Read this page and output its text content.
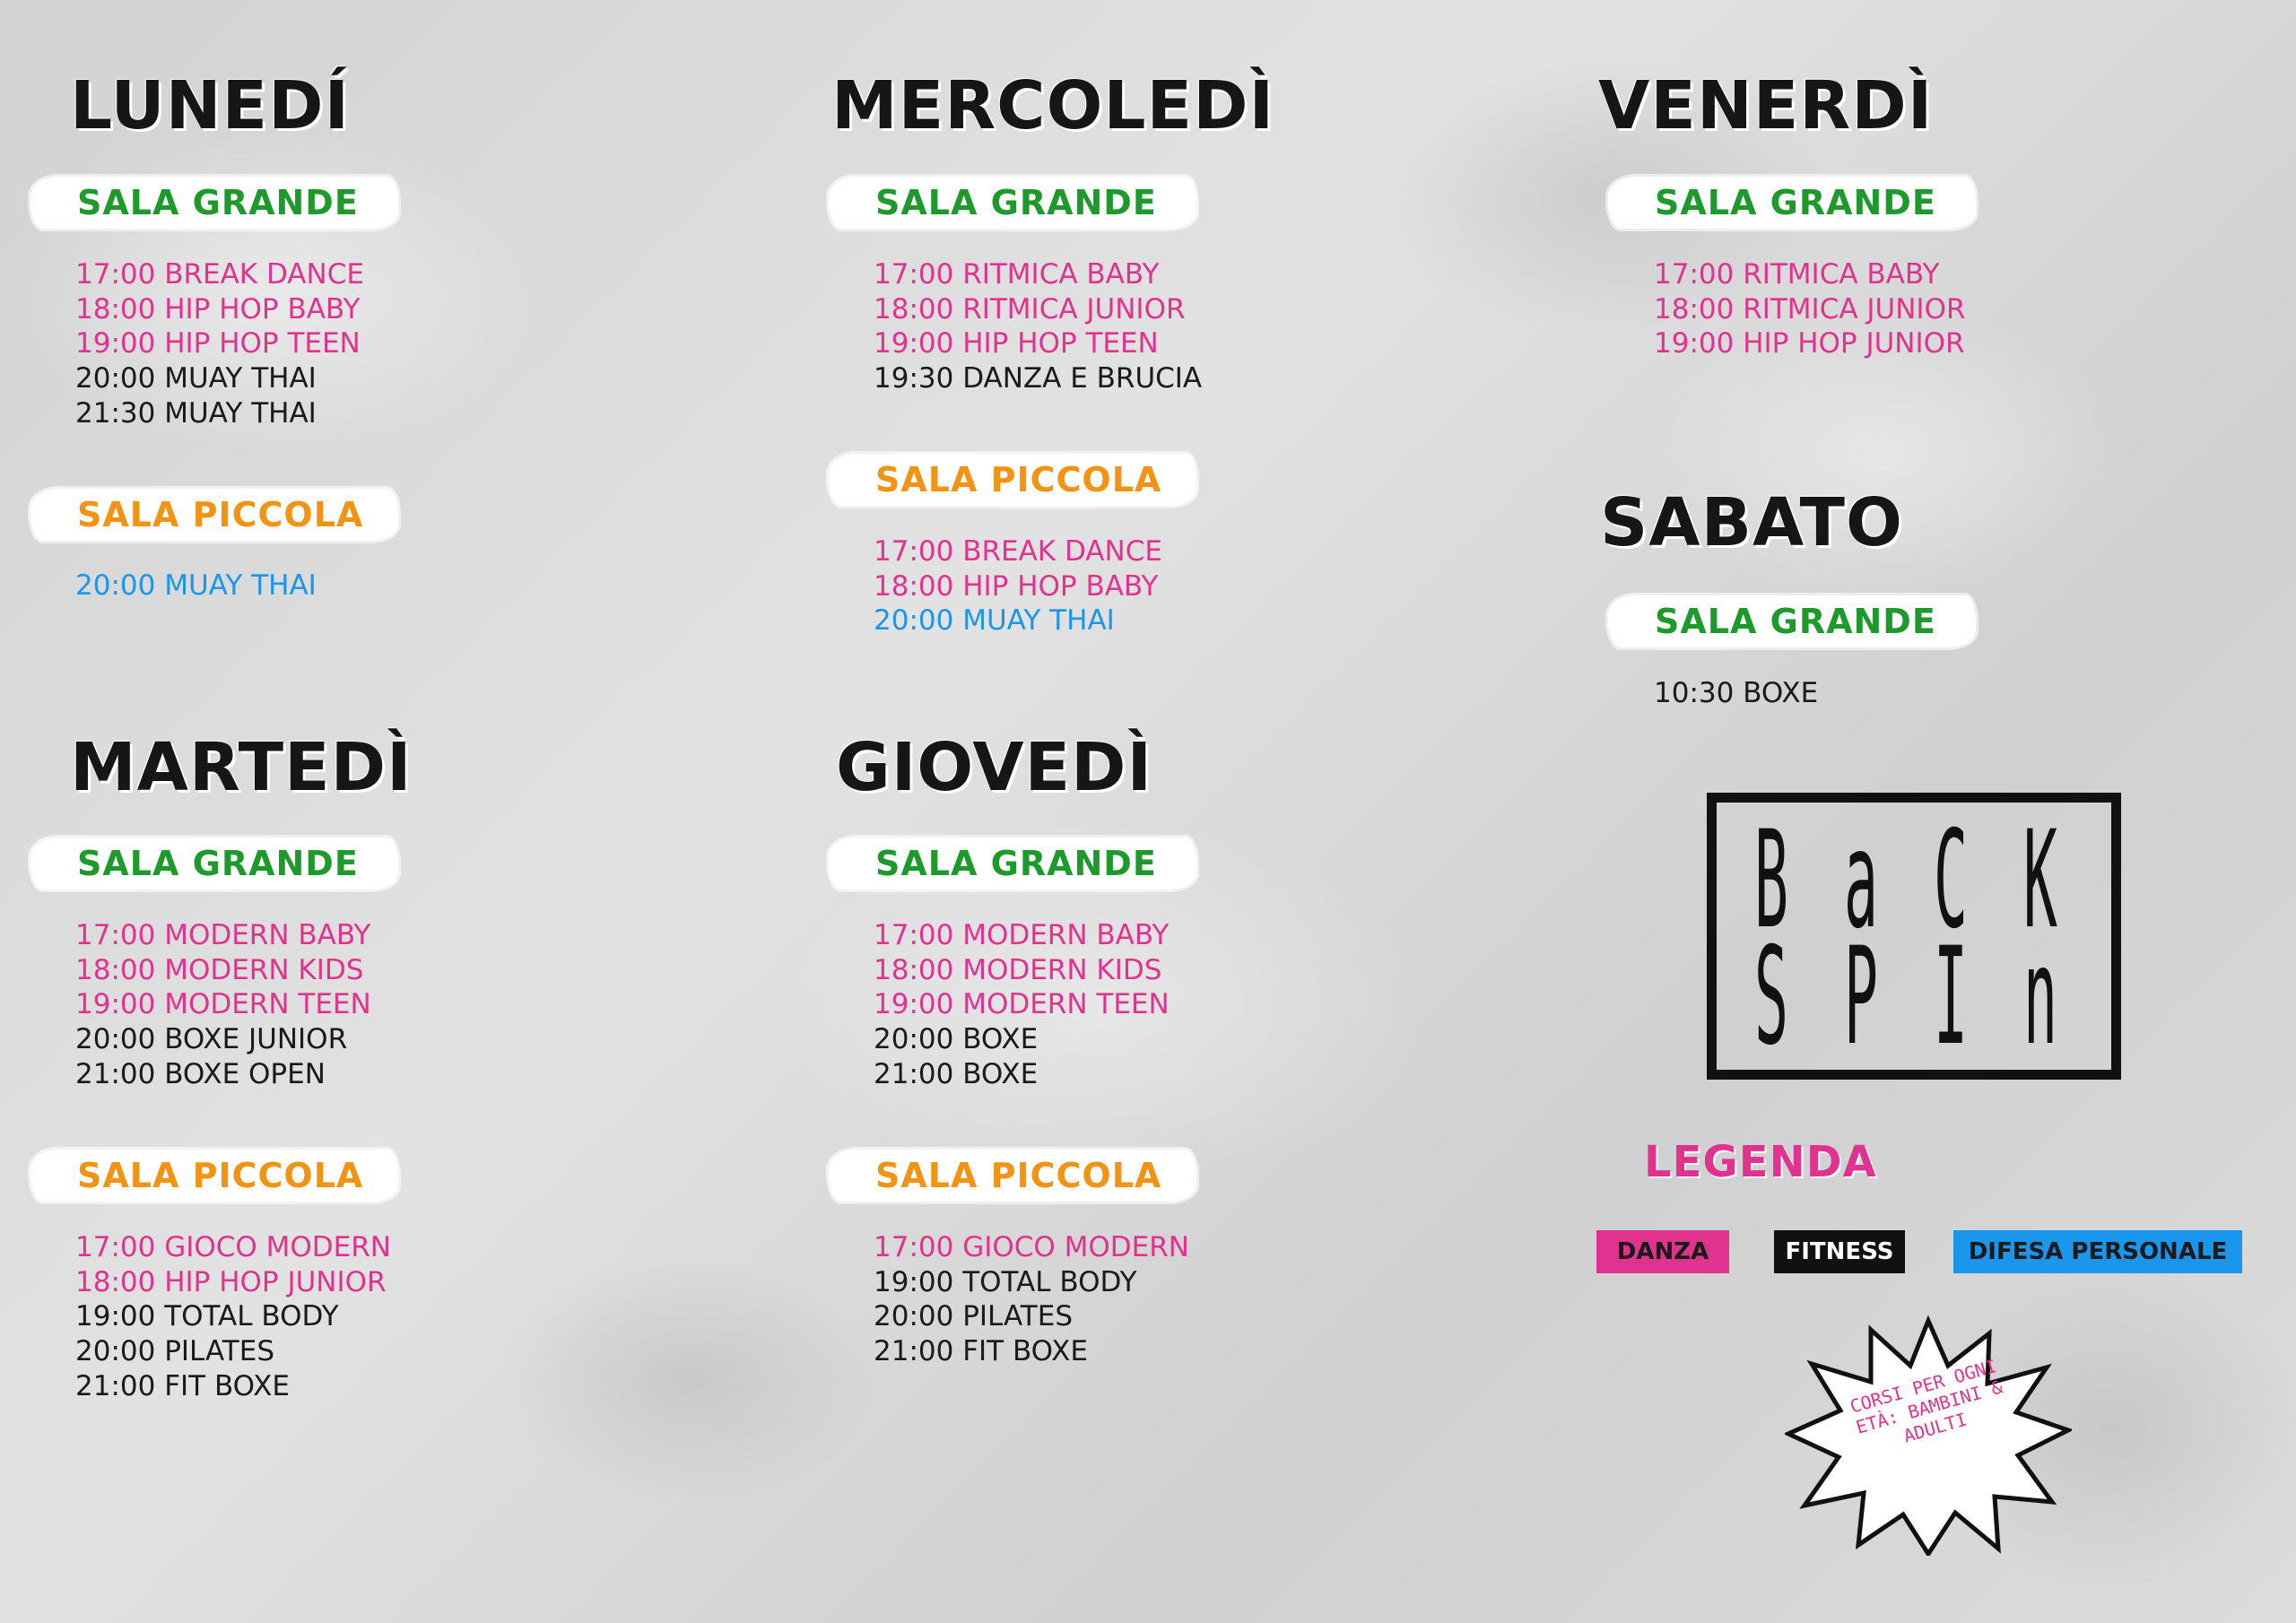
LUNEDÍ
SALA GRANDE
17:00 BREAK DANCE
18:00 HIP HOP BABY
19:00 HIP HOP TEEN
20:00 MUAY THAI
21:30 MUAY THAI
SALA PICCOLA
20:00 MUAY THAI
MARTEDÌ
SALA GRANDE
17:00 MODERN BABY
18:00 MODERN KIDS
19:00 MODERN TEEN
20:00 BOXE JUNIOR
21:00 BOXE OPEN
SALA PICCOLA
17:00 GIOCO MODERN
18:00 HIP HOP JUNIOR
19:00 TOTAL BODY
20:00 PILATES
21:00 FIT BOXE
MERCOLEDÌ
SALA GRANDE
17:00 RITMICA BABY
18:00 RITMICA JUNIOR
19:00 HIP HOP TEEN
19:30 DANZA E BRUCIA
SALA PICCOLA
17:00 BREAK DANCE
18:00 HIP HOP BABY
20:00 MUAY THAI
GIOVEDÌ
SALA GRANDE
17:00 MODERN BABY
18:00 MODERN KIDS
19:00 MODERN TEEN
20:00 BOXE
21:00 BOXE
SALA PICCOLA
17:00 GIOCO MODERN
19:00 TOTAL BODY
20:00 PILATES
21:00 FIT BOXE
VENERDÌ
SALA GRANDE
17:00 RITMICA BABY
18:00 RITMICA JUNIOR
19:00 HIP HOP JUNIOR
SABATO
SALA GRANDE
10:30 BOXE
B a C K
S P I n
LEGENDA
DANZA	FITNESS	DIFESA PERSONALE
CORSI PER OGNI ETÀ: BAMBINI & ADULTI
